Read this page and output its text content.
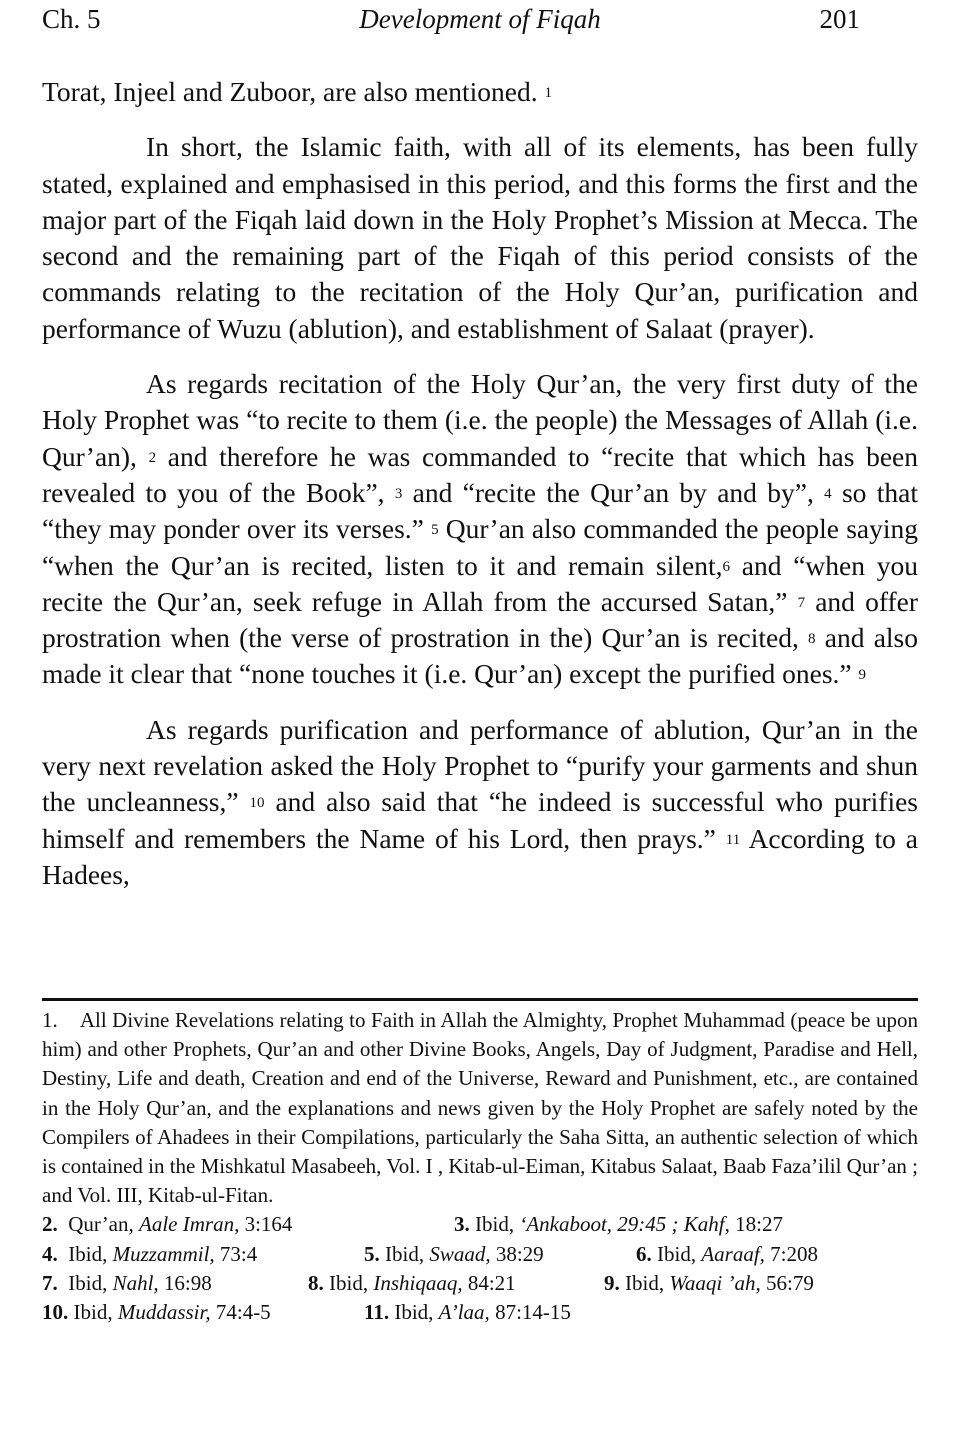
Ch. 5	Development of Fiqah	201

Torat, Injeel and Zuboor, are also mentioned. $^1$

In short, the Islamic faith, with all of its elements, has been fully stated, explained and emphasised in this period, and this forms the first and the major part of the Fiqah laid down in the Holy Prophet’s Mission at Mecca. The second and the remaining part of the Fiqah of this period consists of the commands relating to the recitation of the Holy Qur’an, purification and performance of Wuzu (ablution), and establishment of Salaat (prayer).

As regards recitation of the Holy Qur’an, the very first duty of the Holy Prophet was “to recite to them (i.e. the people) the Messages of Allah (i.e. Qur’an), $^2$ and therefore he was commanded to “recite that which has been revealed to you of the Book”, $^3$ and “recite the Qur’an by and by”, $^4$ so that “they may ponder over its verses.” $^5$ Qur’an also commanded the people saying “when the Qur’an is recited, listen to it and remain silent,$^6$ and “when you recite the Qur’an, seek refuge in Allah from the accursed Satan,” $^7$ and offer prostration when (the verse of prostration in the) Qur’an is recited, $^8$ and also made it clear that “none touches it (i.e. Qur’an) except the purified ones.” $^9$

As regards purification and performance of ablution, Qur’an in the very next revelation asked the Holy Prophet to “purify your garments and shun the uncleanness,” $^{10}$ and also said that “he indeed is successful who purifies himself and remembers the Name of his Lord, then prays.” $^{11}$ According to a Hadees,

1. All Divine Revelations relating to Faith in Allah the Almighty, Prophet Muhammad (peace be upon him) and other Prophets, Qur’an and other Divine Books, Angels, Day of Judgment, Paradise and Hell, Destiny, Life and death, Creation and end of the Universe, Reward and Punishment, etc., are contained in the Holy Qur’an, and the explanations and news given by the Holy Prophet are safely noted by the Compilers of Ahadees in their Compilations, particularly the Saha Sitta, an authentic selection of which is contained in the Mishkatul Masabeeh, Vol. I , Kitab-ul-Eiman, Kitabus Salaat, Baab Faza’ilil Qur’an ; and Vol. III, Kitab-ul-Fitan.

2. Qur’an, Aale Imran, 3:164	3. Ibid, ‘Ankaboot, 29:45 ; Kahf, 18:27
4. Ibid, Muzzammil, 73:4	5. Ibid, Swaad, 38:29	6. Ibid, Aaraaf, 7:208
7. Ibid, Nahl, 16:98	8. Ibid, Inshiqaaq, 84:21	9. Ibid, Waaqi ’ah, 56:79
10. Ibid, Muddassir, 74:4-5	11. Ibid, A’laa, 87:14-15
